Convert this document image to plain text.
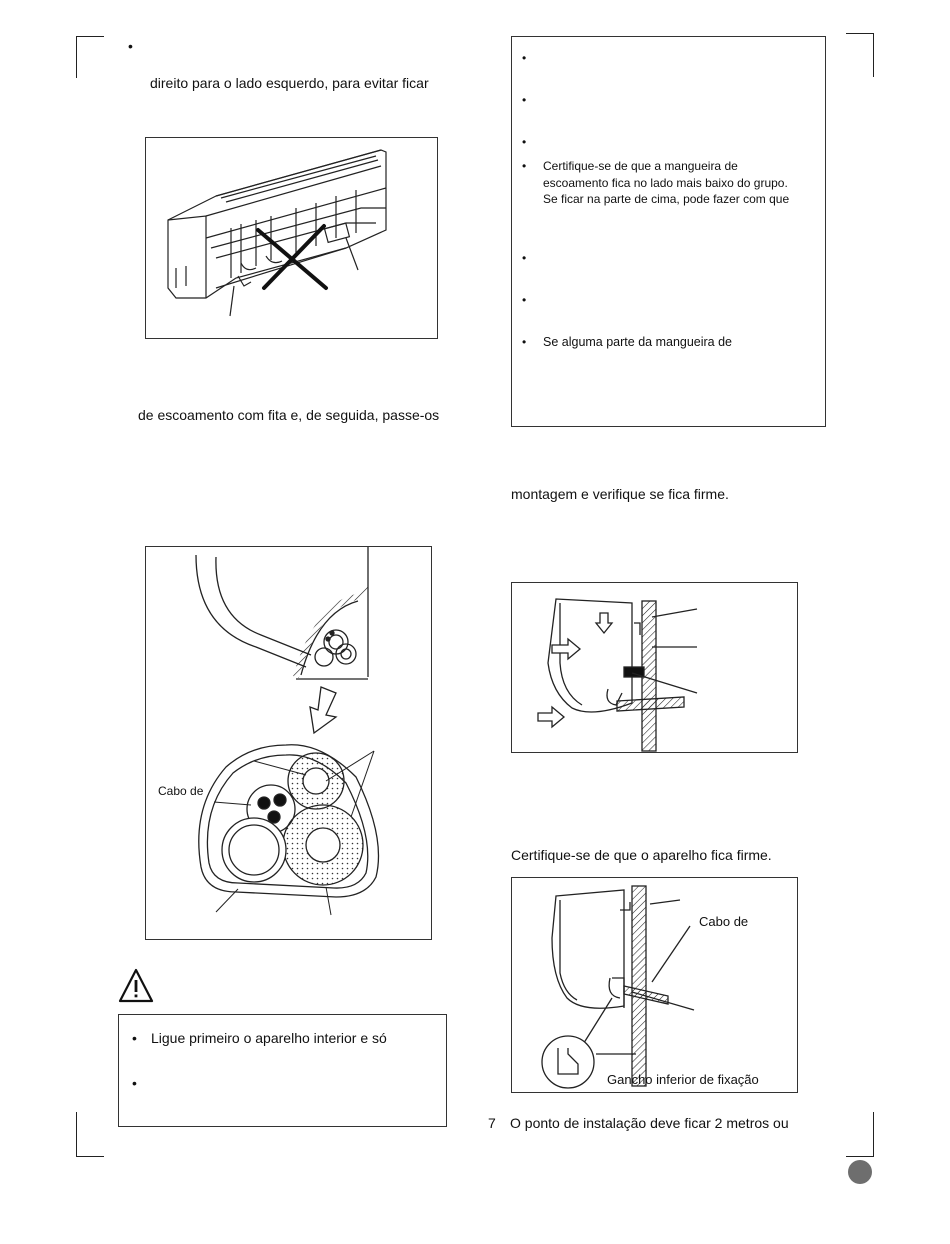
•
direito para o lado esquerdo, para evitar ficar
de escoamento com fita e, de seguida, passe-os
Cabo de
• Ligue primeiro o aparelho interior e só
•
•
•
•
• Certifique-se de que a mangueira de
escoamento fica no lado mais baixo do grupo.
Se ficar na parte de cima, pode fazer com que
•
•
• Se alguma parte da mangueira de
montagem e verifique se fica firme.
Certifique-se de que o aparelho fica firme.
Cabo de
Gancho inferior de fixação
7 O ponto de instalação deve ficar 2 metros ou
